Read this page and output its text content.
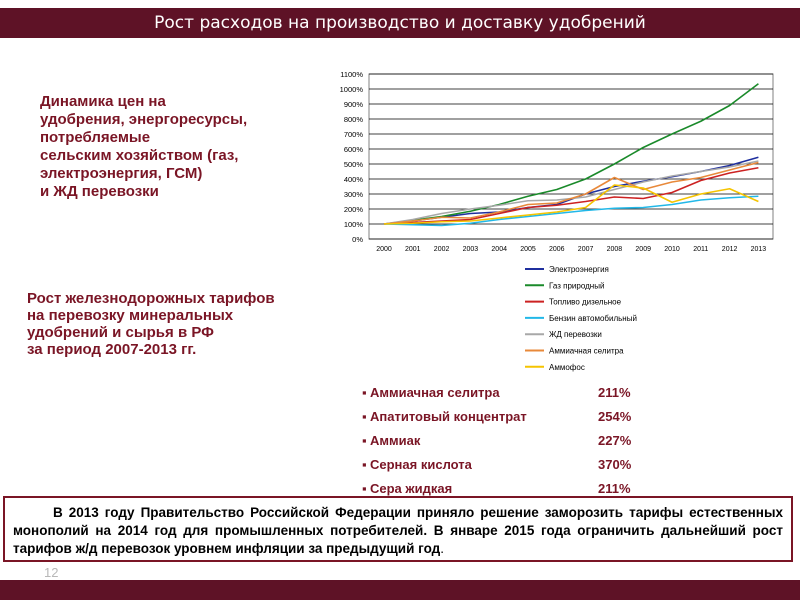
Рост расходов на производство и доставку удобрений
Динамика цен на
удобрения, энергоресурсы,
потребляемые
сельским хозяйством (газ,
электроэнергия, ГСМ)
и ЖД перевозки
0%
100%
200%
300%
400%
500%
600%
700%
800%
900%
1000%
1100%
2000 2001 2002 2003 2004 2005 2006 2007 2008 2009 2010 2011 2012 2013
Электроэнергия
Газ природный
Топливо дизельное
Бензин автомобильный
ЖД перевозки
Аммиачная селитра
Аммофос
Рост железнодорожных тарифов
на перевозку минеральных
удобрений и сырья в РФ
за период 2007-2013 гг.
▪ Аммиачная селитра	211%
▪ Апатитовый концентрат	254%
▪ Аммиак	227%
▪ Серная кислота	370%
▪ Сера жидкая	211%
В 2013 году Правительство Российской Федерации приняло решение заморозить тарифы естественных монополий на 2014 год для промышленных потребителей. В январе 2015 года ограничить дальнейший рост тарифов ж/д перевозок уровнем инфляции за предыдущий год.
12
